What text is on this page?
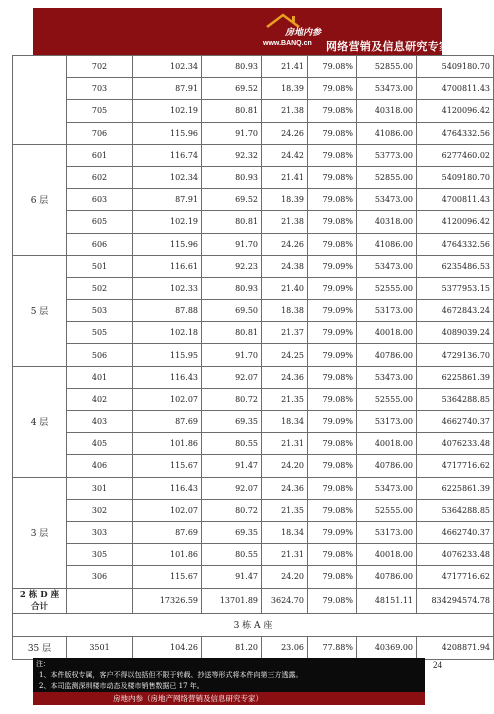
房地内参
www.BANQ.cn 网络营销及信息研究专家
	702	102.34	80.93	21.41	79.08%	52855.00	5409180.70
	703	87.91	69.52	18.39	79.08%	53473.00	4700811.43
	705	102.19	80.81	21.38	79.08%	40318.00	4120096.42
	706	115.96	91.70	24.26	79.08%	41086.00	4764332.56
6 层	601	116.74	92.32	24.42	79.08%	53773.00	6277460.02
	602	102.34	80.93	21.41	79.08%	52855.00	5409180.70
	603	87.91	69.52	18.39	79.08%	53473.00	4700811.43
	605	102.19	80.81	21.38	79.08%	40318.00	4120096.42
	606	115.96	91.70	24.26	79.08%	41086.00	4764332.56
5 层	501	116.61	92.23	24.38	79.09%	53473.00	6235486.53
	502	102.33	80.93	21.40	79.09%	52555.00	5377953.15
	503	87.88	69.50	18.38	79.09%	53173.00	4672843.24
	505	102.18	80.81	21.37	79.09%	40018.00	4089039.24
	506	115.95	91.70	24.25	79.09%	40786.00	4729136.70
4 层	401	116.43	92.07	24.36	79.08%	53473.00	6225861.39
	402	102.07	80.72	21.35	79.08%	52555.00	5364288.85
	403	87.69	69.35	18.34	79.09%	53173.00	4662740.37
	405	101.86	80.55	21.31	79.08%	40018.00	4076233.48
	406	115.67	91.47	24.20	79.08%	40786.00	4717716.62
3 层	301	116.43	92.07	24.36	79.08%	53473.00	6225861.39
	302	102.07	80.72	21.35	79.08%	52555.00	5364288.85
	303	87.69	69.35	18.34	79.09%	53173.00	4662740.37
	305	101.86	80.55	21.31	79.08%	40018.00	4076233.48
	306	115.67	91.47	24.20	79.08%	40786.00	4717716.62

2 栋 D 座
合计		17326.59	13701.89	3624.70	79.08%	48151.11	834294574.78
3 栋 A 座							
35 层	3501	104.26	81.20	23.06	77.88%	40369.00	4208871.94
24
注：
1、本件版权专属，客户不得以包括但不限于转载、抄送等形式将本件向第三方透露。
2、本司监测深圳楼市动态及楼市销售数据已 17 年。
房地内参（房地产网络营销及信息研究专家）
